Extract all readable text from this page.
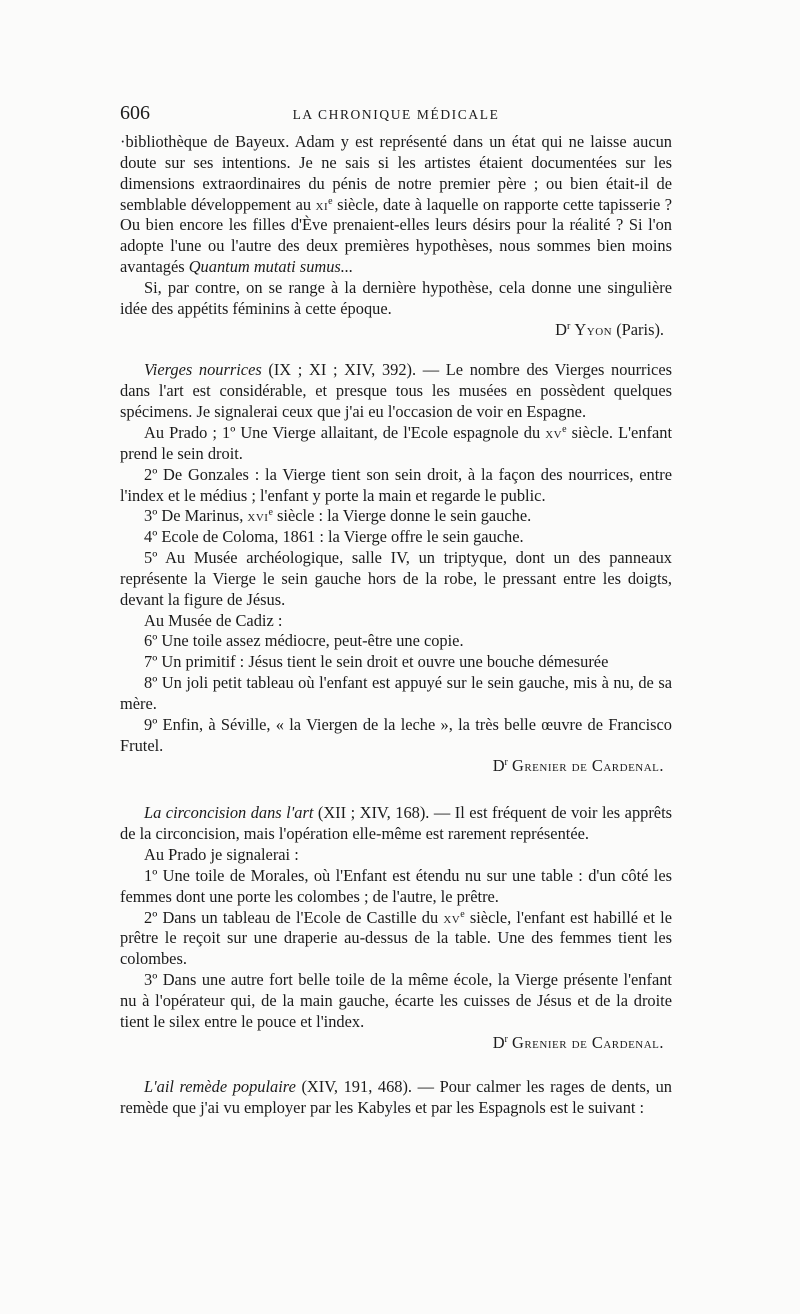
606	LA CHRONIQUE MÉDICALE

·bibliothèque de Bayeux. Adam y est représenté dans un état qui ne laisse aucun doute sur ses intentions. Je ne sais si les artistes étaient documentées sur les dimensions extraordinaires du pénis de notre premier père ; ou bien était-il de semblable développement au $xi^e$ siècle, date à laquelle on rapporte cette tapisserie ? Ou bien encore les filles d'Ève prenaient-elles leurs désirs pour la réalité ? Si l'on adopte l'une ou l'autre des deux premières hypothèses, nous sommes bien moins avantagés Quantum mutati sumus...

Si, par contre, on se range à la dernière hypothèse, cela donne une singulière idée des appétits féminins à cette époque.

$D^r$ Yyon (Paris).

Vierges nourrices (IX ; XI ; XIV, 392). — Le nombre des Vierges nourrices dans l'art est considérable, et presque tous les musées en possèdent quelques spécimens. Je signalerai ceux que j'ai eu l'occasion de voir en Espagne.

Au Prado ; 1º Une Vierge allaitant, de l'Ecole espagnole du $xv^e$ siècle. L'enfant prend le sein droit.

2º De Gonzales : la Vierge tient son sein droit, à la façon des nourrices, entre l'index et le médius ; l'enfant y porte la main et regarde le public.

3º De Marinus, xvi$^e$ siècle : la Vierge donne le sein gauche.

4º Ecole de Coloma, 1861 : la Vierge offre le sein gauche.

5º Au Musée archéologique, salle IV, un triptyque, dont un des panneaux représente la Vierge le sein gauche hors de la robe, le pressant entre les doigts, devant la figure de Jésus.

Au Musée de Cadiz :

6º Une toile assez médiocre, peut-être une copie.

7º Un primitif : Jésus tient le sein droit et ouvre une bouche démesurée

8º Un joli petit tableau où l'enfant est appuyé sur le sein gauche, mis à nu, de sa mère.

9º Enfin, à Séville, « la Viergen de la leche », la très belle œuvre de Francisco Frutel.

$D^r$ Grenier de Cardenal.

La circoncision dans l'art (XII ; XIV, 168). — Il est fréquent de voir les apprêts de la circoncision, mais l'opération elle-même est rarement représentée.

Au Prado je signalerai :

1º Une toile de Morales, où l'Enfant est étendu nu sur une table : d'un côté les femmes dont une porte les colombes ; de l'autre, le prêtre.

2º Dans un tableau de l'Ecole de Castille du $xv^e$ siècle, l'enfant est habillé et le prêtre le reçoit sur une draperie au-dessus de la table. Une des femmes tient les colombes.

3º Dans une autre fort belle toile de la même école, la Vierge présente l'enfant nu à l'opérateur qui, de la main gauche, écarte les cuisses de Jésus et de la droite tient le silex entre le pouce et l'index.

$D^r$ Grenier de Cardenal.

L'ail remède populaire (XIV, 191, 468). — Pour calmer les rages de dents, un remède que j'ai vu employer par les Kabyles et par les Espagnols est le suivant :
